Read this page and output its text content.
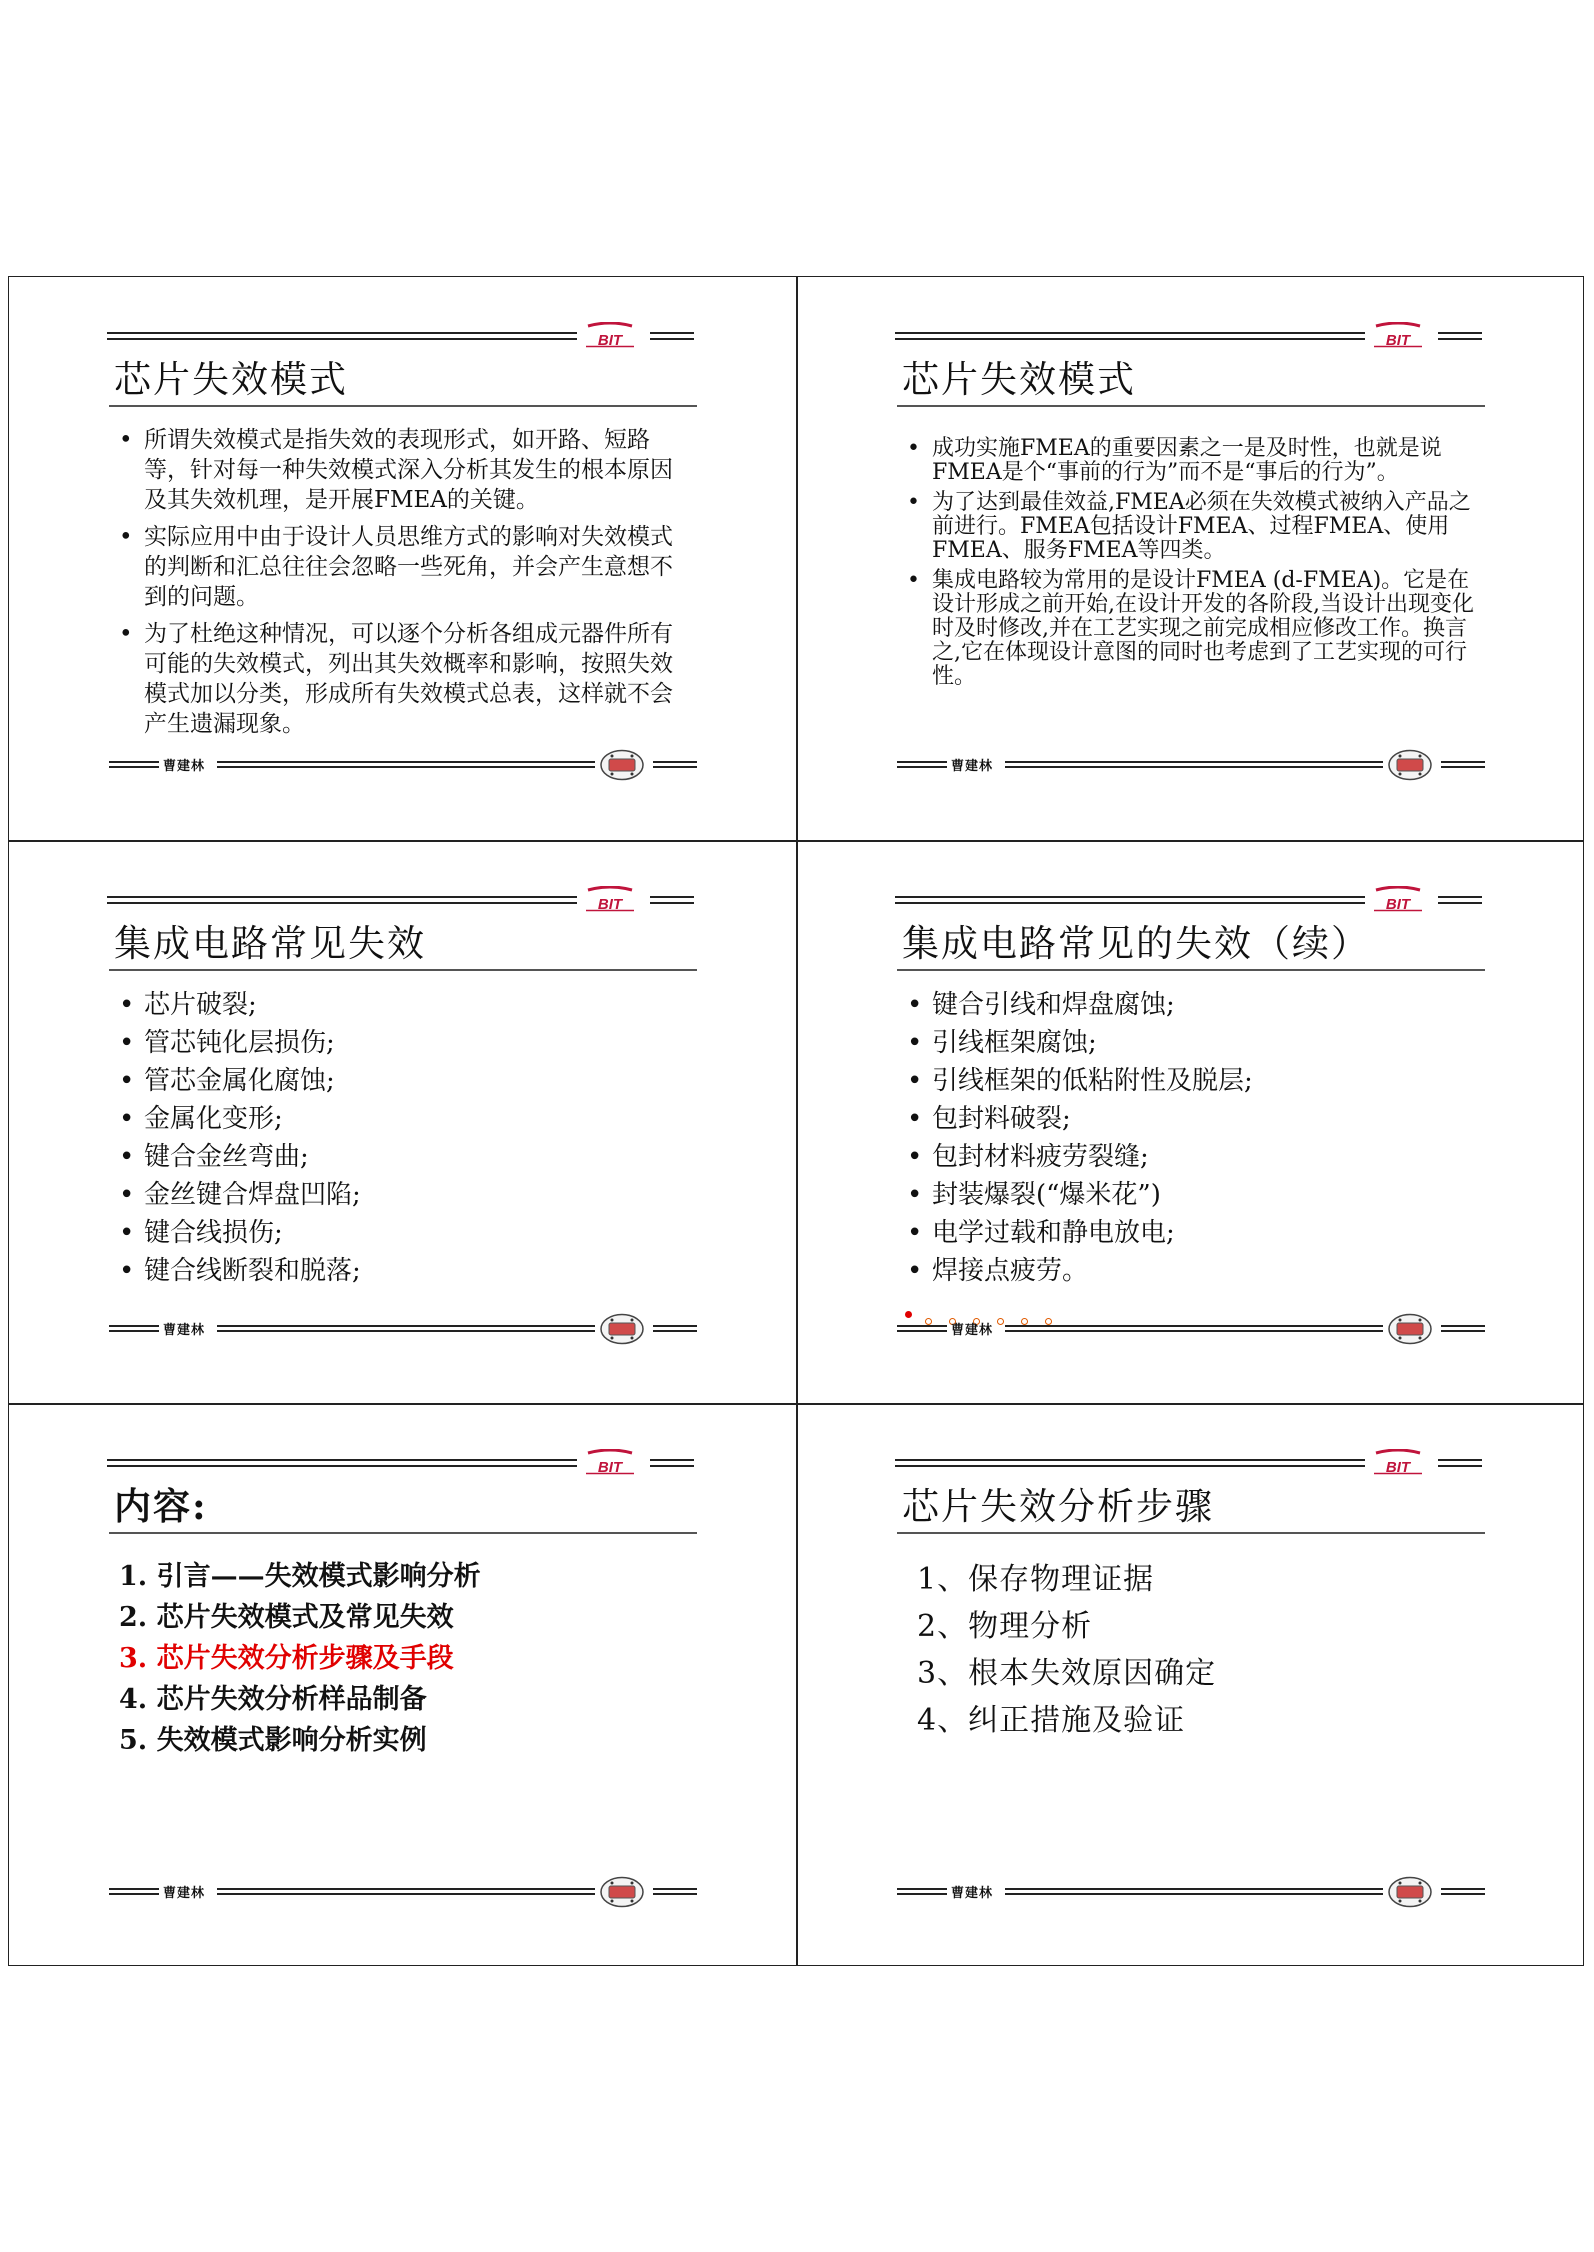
BIT
芯片失效模式
• 所谓失效模式是指失效的表现形式，如开路、短路等，针对每一种失效模式深入分析其发生的根本原因及其失效机理，是开展FMEA的关键。
• 实际应用中由于设计人员思维方式的影响对失效模式的判断和汇总往往会忽略一些死角，并会产生意想不到的问题。
• 为了杜绝这种情况，可以逐个分析各组成元器件所有可能的失效模式，列出其失效概率和影响，按照失效模式加以分类，形成所有失效模式总表，这样就不会产生遗漏现象。
曹建林
BIT
芯片失效模式
• 成功实施FMEA的重要因素之一是及时性，也就是说FMEA是个“事前的行为”而不是“事后的行为”。
• 为了达到最佳效益,FMEA必须在失效模式被纳入产品之前进行。FMEA包括设计FMEA、过程FMEA、使用FMEA、服务FMEA等四类。
• 集成电路较为常用的是设计FMEA (d-FMEA)。它是在设计形成之前开始,在设计开发的各阶段,当设计出现变化时及时修改,并在工艺实现之前完成相应修改工作。换言之,它在体现设计意图的同时也考虑到了工艺实现的可行性。
曹建林
BIT
集成电路常见失效
• 芯片破裂;
• 管芯钝化层损伤;
• 管芯金属化腐蚀;
• 金属化变形;
• 键合金丝弯曲;
• 金丝键合焊盘凹陷;
• 键合线损伤;
• 键合线断裂和脱落;
曹建林
BIT
集成电路常见的失效（续）
• 键合引线和焊盘腐蚀;
• 引线框架腐蚀;
• 引线框架的低粘附性及脱层;
• 包封料破裂;
• 包封材料疲劳裂缝;
• 封装爆裂(“爆米花”)
• 电学过载和静电放电;
• 焊接点疲劳。
曹建林
BIT
内容:
1. 引言——失效模式影响分析
2. 芯片失效模式及常见失效
3. 芯片失效分析步骤及手段
4. 芯片失效分析样品制备
5. 失效模式影响分析实例
曹建林
BIT
芯片失效分析步骤
1、保存物理证据
2、物理分析
3、根本失效原因确定
4、纠正措施及验证
曹建林
